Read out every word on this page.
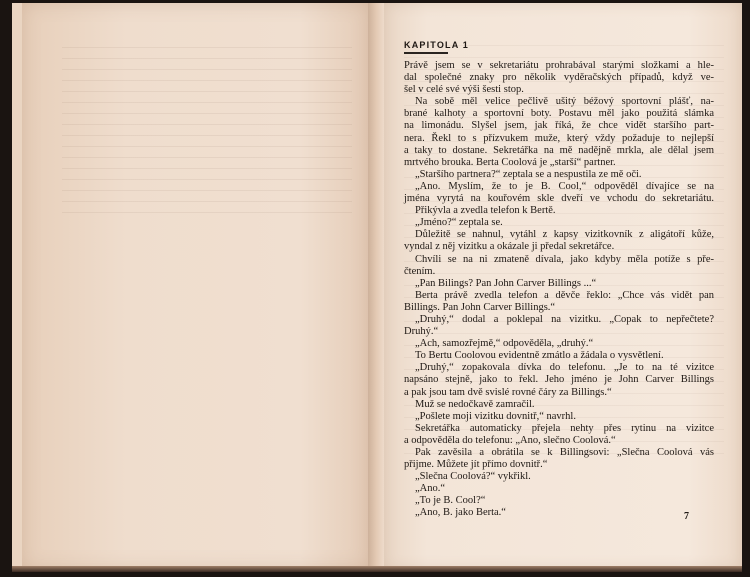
KAPITOLA 1
Právě jsem se v sekretariátu prohrabával starými složkami a hle-
dal společné znaky pro několik vyděračských případů, když ve-
šel v celé své výši šesti stop.
Na sobě měl velice pečlivě ušitý béžový sportovní plášť, na-
brané kalhoty a sportovní boty. Postavu měl jako použitá slámka
na limonádu. Slyšel jsem, jak říká, že chce vidět staršího part-
nera. Řekl to s přízvukem muže, který vždy požaduje to nejlepší
a taky to dostane. Sekretářka na mě nadějně mrkla, ale dělal jsem
mrtvého brouka. Berta Coolová je „starší“ partner.
„Staršího partnera?“ zeptala se a nespustila ze mě oči.
„Ano. Myslím, že to je B. Cool,“ odpověděl dívajíce se na
jména vyrytá na kouřovém skle dveří ve vchodu do sekretariátu.
Přikývla a zvedla telefon k Bertě.
„Jméno?“ zeptala se.
Důležitě se nahnul, vytáhl z kapsy vizitkovník z aligátoří kůže,
vyndal z něj vizitku a okázale ji předal sekretářce.
Chvíli se na ni zmateně dívala, jako kdyby měla potíže s pře-
čtením.
„Pan Bilings? Pan John Carver Billings ...“
Berta právě zvedla telefon a děvče řeklo: „Chce vás vidět pan
Billings. Pan John Carver Billings.“
„Druhý,“ dodal a poklepal na vizitku. „Copak to nepřečtete?
Druhý.“
„Ach, samozřejmě,“ odpověděla, „druhý.“
To Bertu Coolovou evidentně zmátlo a žádala o vysvětlení.
„Druhý,“ zopakovala dívka do telefonu. „Je to na té vizitce
napsáno stejně, jako to řekl. Jeho jméno je John Carver Billings
a pak jsou tam dvě svislé rovné čáry za Billings.“
Muž se nedočkavě zamračil.
„Pošlete moji vizitku dovnitř,“ navrhl.
Sekretářka automaticky přejela nehty přes rytinu na vizitce
a odpověděla do telefonu: „Ano, slečno Coolová.“
Pak zavěsila a obrátila se k Billingsovi: „Slečna Coolová vás
přijme. Můžete jít přímo dovnitř.“
„Slečna Coolová?“ vykřikl.
„Ano.“
„To je B. Cool?“
„Ano, B. jako Berta.“	7
